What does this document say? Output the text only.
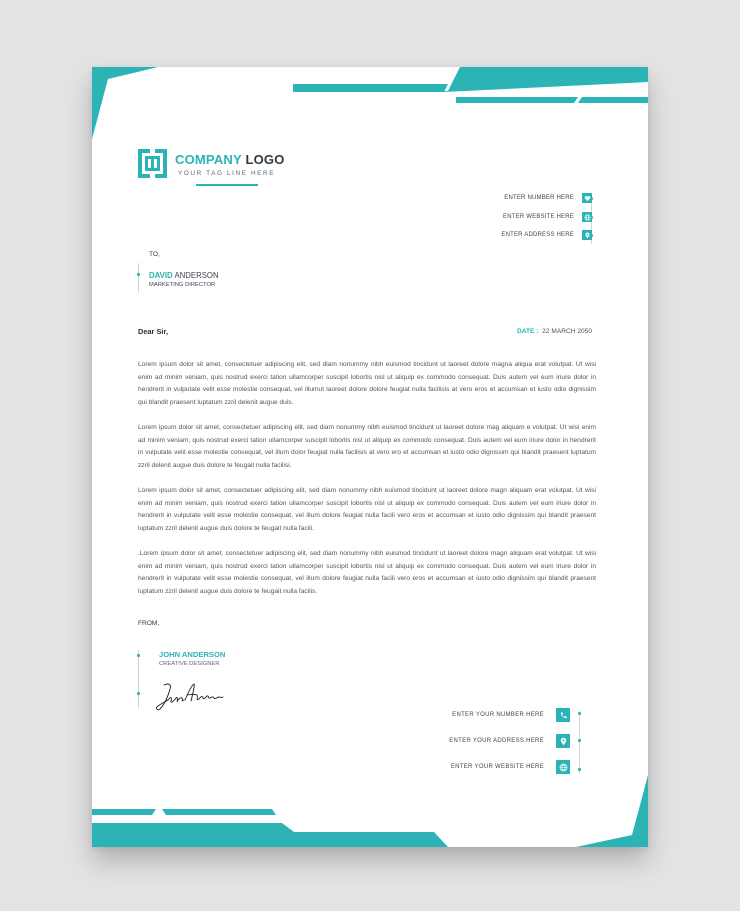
COMPANY LOGO
YOUR TAG LINE HERE
ENTER NUMBER HERE
ENTER WEBSITE HERE
ENTER ADDRESS HERE
TO,
DAVID ANDERSON
MARKETING DIRECTOR
Dear Sir,	DATE : 22 MARCH 2050
Lorem ipsum dolor sit amet, consectetuer adipiscing elit, sed diam nonummy nibh euismod tincidunt ut laoreet dolore magna aliqua erat volutpat. Ut wisi enim ad minim veniam, quis nostrud exerci tation ullamcorper suscipit lobortis nisl ut aliquip ex commodo consequat. Duis autem vel eum iriure dolor in hendrerit in vulputate velit esse molestie consequat, vel illumut laoreet dolore dolore feugiat nulla facilisis at vero eros et accumsan et iusto odio dignissim qui blandit praesent luptatum zzril delenit augue duis.
Lorem ipsum dolor sit amet, consectetuer adipiscing elit, sed diam nonummy nibh euismod tincidunt ut laoreet dolore mag aliquam e volutpat. Ut wisi enim ad minim veniam, quis nostrud exerci tation ullamcorper suscipit lobortis nisl ut aliquip ex commodo consequat. Duis autem vel eum iriure dolor in hendrerit in vulputate velit esse molestie consequat, vel illum dolor feugiat nulla facilisis at vero ero et accumsan et iusto odio dignissim qui blandit praesent luptatum zzril delenit augue duis dolore te feugait nulla facilisi.
Lorem ipsum dolor sit amet, consectetuer adipiscing elit, sed diam nonummy nibh euismod tincidunt ut laoreet dolore magn aliquam erat volutpat. Ut wisi enim ad minim veniam, quis nostrud exerci tation ullamcorper suscipit lobortis nisl ut aliquip ex commodo consequat. Duis autem vel eum iriure dolor in hendrerit in vulputate velit esse molestie consequat, vel illum dolore feugiat nulla facili vero eros et accumsan et iusto odio dignissim qui blandit praesent luptatum zzril delenit augue duis dolore te feugait nulla facili.
.Lorem ipsum dolor sit amet, consectetuer adipiscing elit, sed diam nonummy nibh euismod tincidunt ut laoreet dolore magn aliquam erat volutpat. Ut wisi enim ad minim veniam, quis nostrud exerci tation ullamcorper suscipit lobortis nisl ut aliquip ex commodo consequat. Duis autem vel eum iriure dolor in hendrerit in vulputate velit esse molestie consequat, vel illum dolore feugiat nulla facili vero eros et accumsan et iusto odio dignissim qui blandit praesent luptatum zzril delenit augue duis dolore te feugait nulla facilis.
FROM,
JOHN ANDERSON
CREATIVE DESIGNER
ENTER YOUR NUMBER HERE
ENTER YOUR ADDRESS HERE
ENTER YOUR WEBSITE HERE
